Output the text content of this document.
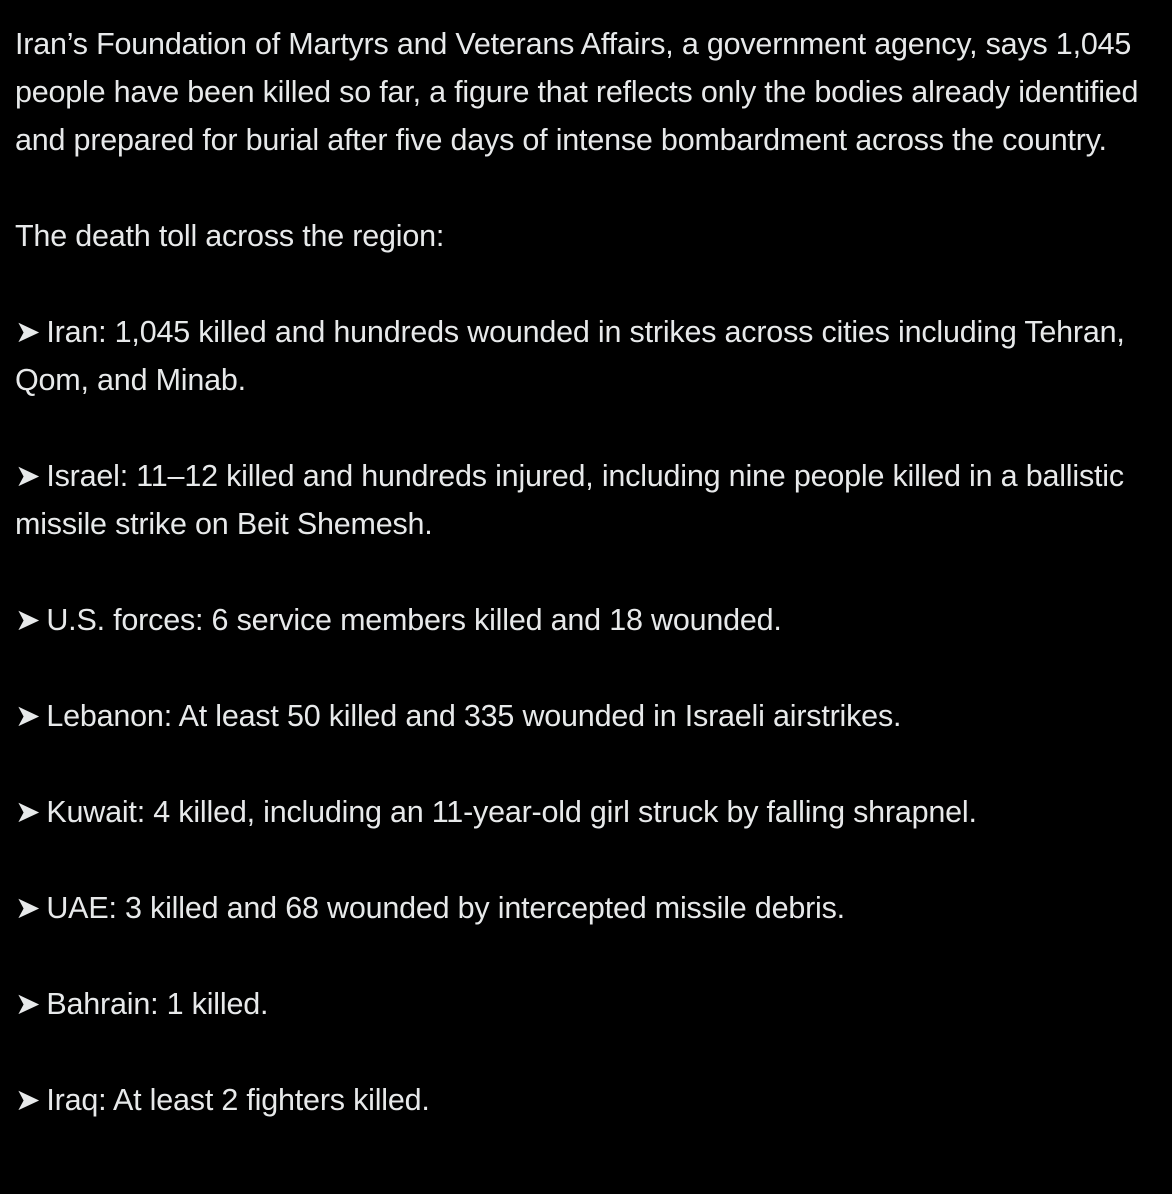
Iran’s Foundation of Martyrs and Veterans Affairs, a government agency, says 1,045 people have been killed so far, a figure that reflects only the bodies already identified and prepared for burial after five days of intense bombardment across the country.

The death toll across the region:

➤ Iran: 1,045 killed and hundreds wounded in strikes across cities including Tehran, Qom, and Minab.

➤ Israel: 11–12 killed and hundreds injured, including nine people killed in a ballistic missile strike on Beit Shemesh.

➤ U.S. forces: 6 service members killed and 18 wounded.

➤ Lebanon: At least 50 killed and 335 wounded in Israeli airstrikes.

➤ Kuwait: 4 killed, including an 11-year-old girl struck by falling shrapnel.

➤ UAE: 3 killed and 68 wounded by intercepted missile debris.

➤ Bahrain: 1 killed.

➤ Iraq: At least 2 fighters killed.
